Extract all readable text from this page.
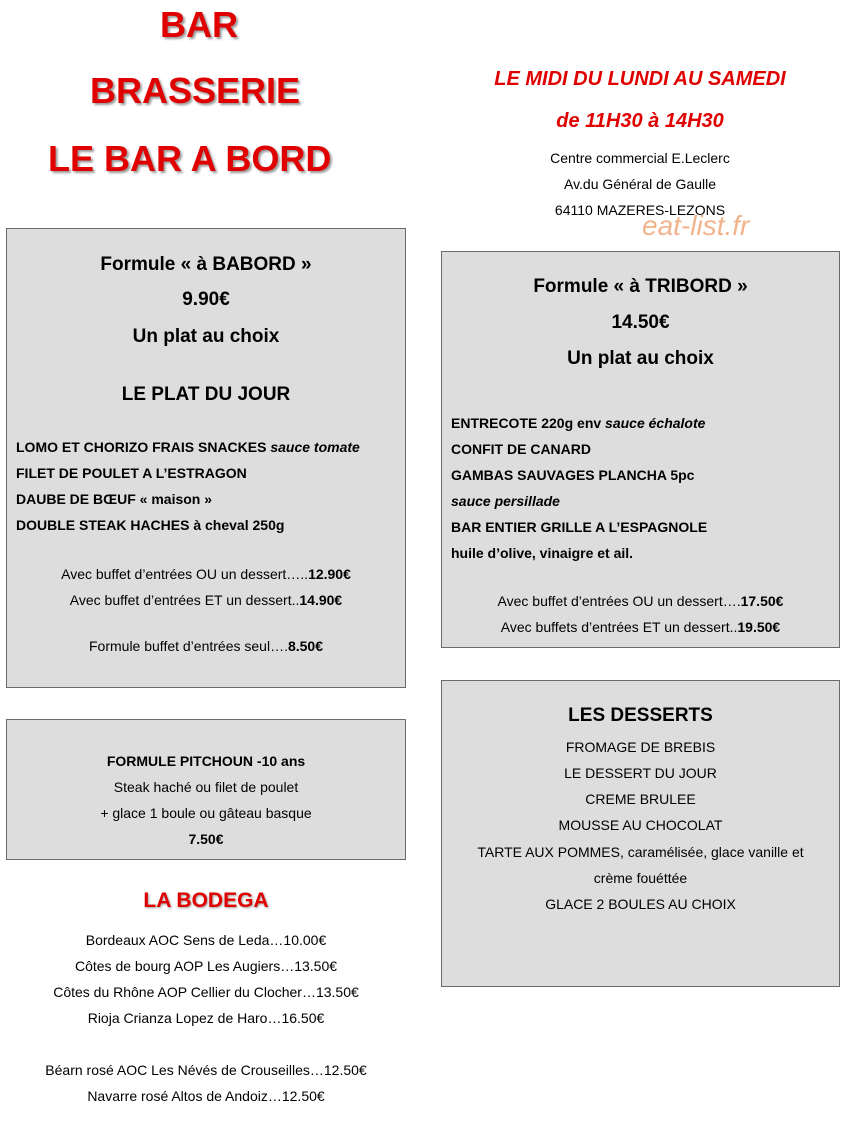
BAR
BRASSERIE
LE BAR A BORD
LE MIDI DU LUNDI AU SAMEDI
de 11H30 à 14H30
Centre commercial E.Leclerc
Av.du Général de Gaulle
64110 MAZERES-LEZONS
eat-list.fr
Formule « à BABORD »
9.90€
Un plat au choix
LE PLAT DU JOUR
LOMO ET CHORIZO FRAIS SNACKES sauce tomate
FILET DE POULET A L’ESTRAGON
DAUBE DE BŒUF « maison »
DOUBLE STEAK HACHES à cheval 250g
Avec buffet d’entrées OU un dessert…..12.90€
Avec buffet d’entrées ET un dessert..14.90€
Formule buffet d’entrées seul….8.50€
Formule « à TRIBORD »
14.50€
Un plat au choix
ENTRECOTE 220g env sauce échalote
CONFIT DE CANARD
GAMBAS SAUVAGES PLANCHA 5pc
sauce persillade
BAR ENTIER GRILLE A L’ESPAGNOLE
huile d’olive, vinaigre et ail.
Avec buffet d’entrées OU un dessert….17.50€
Avec buffets d’entrées ET un dessert..19.50€
FORMULE PITCHOUN -10 ans
Steak haché ou filet de poulet
+ glace 1 boule ou gâteau basque
7.50€
LES DESSERTS
FROMAGE DE BREBIS
LE DESSERT DU JOUR
CREME BRULEE
MOUSSE AU CHOCOLAT
TARTE AUX POMMES, caramélisée, glace vanille et
crème fouéttée
GLACE 2 BOULES AU CHOIX
LA BODEGA
Bordeaux AOC Sens de Leda…10.00€
Côtes de bourg AOP Les Augiers…13.50€
Côtes du Rhône AOP Cellier du Clocher…13.50€
Rioja Crianza Lopez de Haro…16.50€
Béarn rosé AOC Les Névés de Crouseilles…12.50€
Navarre rosé Altos de Andoiz…12.50€
